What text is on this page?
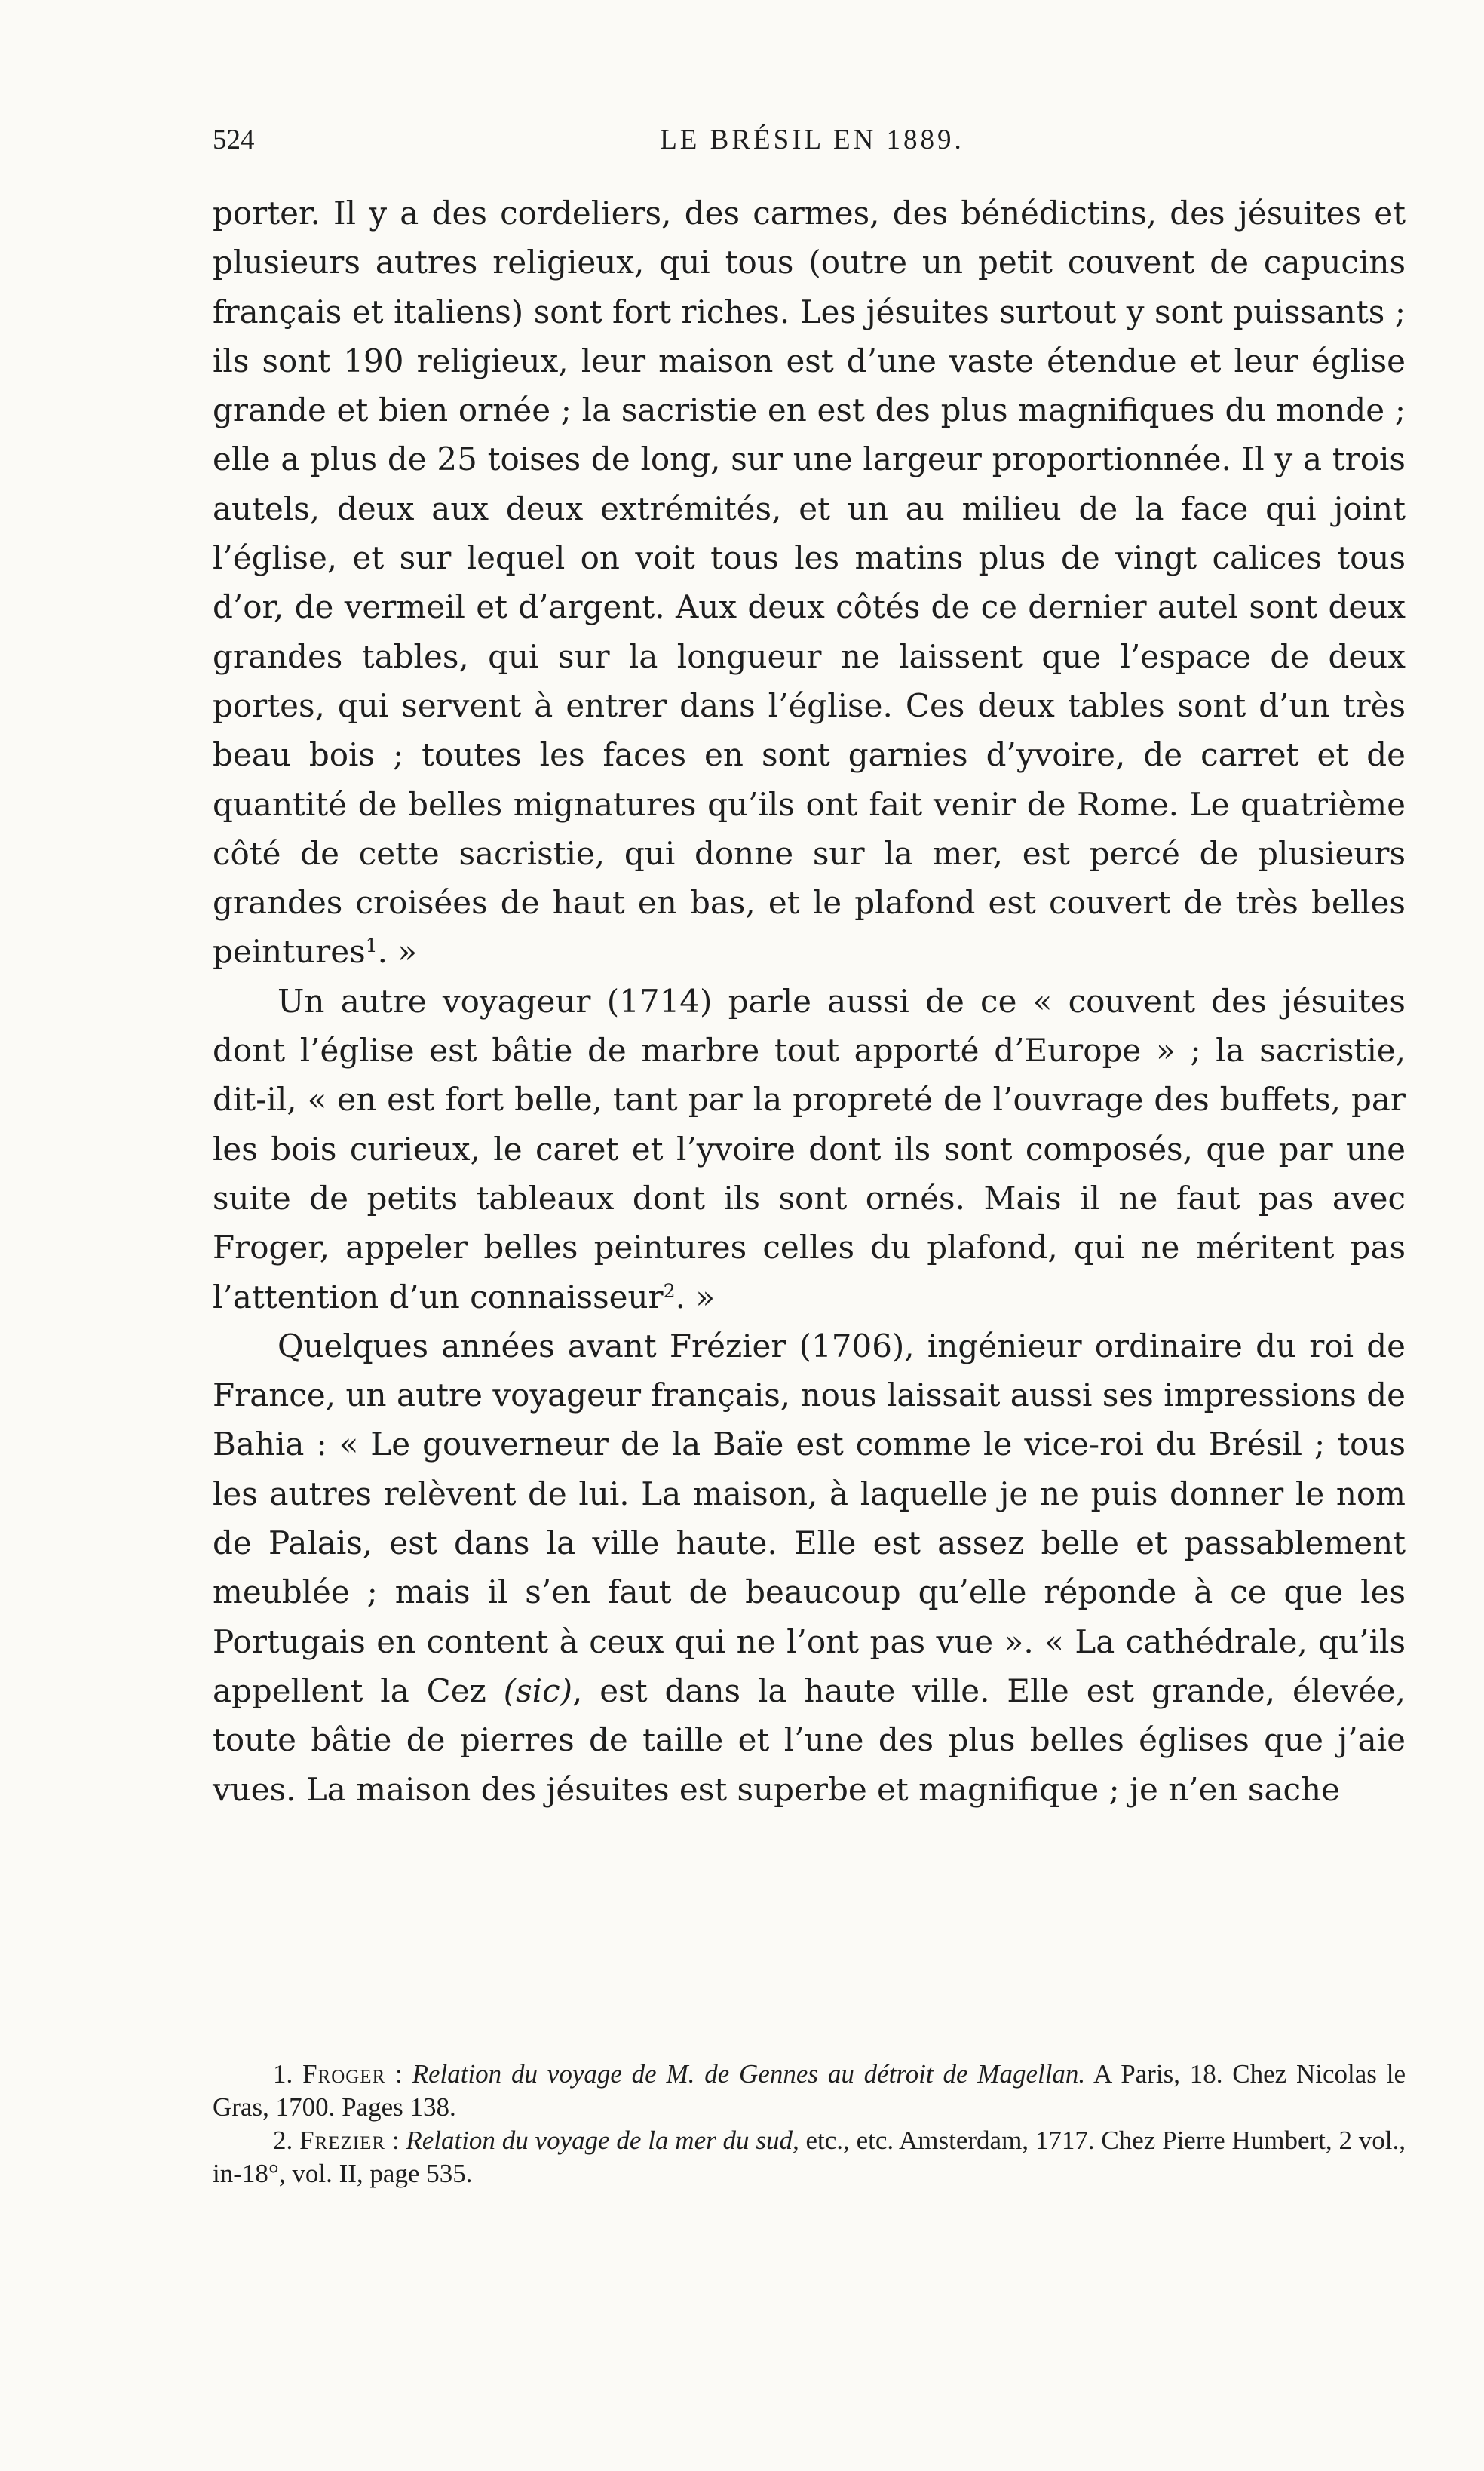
524	LE BRÉSIL EN 1889.

porter. Il y a des cordeliers, des carmes, des bénédictins, des jésuites et plusieurs autres religieux, qui tous (outre un petit couvent de capucins français et italiens) sont fort riches. Les jésuites surtout y sont puissants ; ils sont 190 religieux, leur maison est d’une vaste étendue et leur église grande et bien ornée ; la sacristie en est des plus magnifiques du monde ; elle a plus de 25 toises de long, sur une largeur proportionnée. Il y a trois autels, deux aux deux extrémités, et un au milieu de la face qui joint l’église, et sur lequel on voit tous les matins plus de vingt calices tous d’or, de vermeil et d’argent. Aux deux côtés de ce dernier autel sont deux grandes tables, qui sur la longueur ne laissent que l’espace de deux portes, qui servent à entrer dans l’église. Ces deux tables sont d’un très beau bois ; toutes les faces en sont garnies d’yvoire, de carret et de quantité de belles mignatures qu’ils ont fait venir de Rome. Le quatrième côté de cette sacristie, qui donne sur la mer, est percé de plusieurs grandes croisées de haut en bas, et le plafond est couvert de très belles peintures$^1$. »

Un autre voyageur (1714) parle aussi de ce « couvent des jésuites dont l’église est bâtie de marbre tout apporté d’Europe » ; la sacristie, dit-il, « en est fort belle, tant par la propreté de l’ouvrage des buffets, par les bois curieux, le caret et l’yvoire dont ils sont composés, que par une suite de petits tableaux dont ils sont ornés. Mais il ne faut pas avec Froger, appeler belles peintures celles du plafond, qui ne méritent pas l’attention d’un connaisseur$^2$. »

Quelques années avant Frézier (1706), ingénieur ordinaire du roi de France, un autre voyageur français, nous laissait aussi ses impressions de Bahia : « Le gouverneur de la Baïe est comme le vice-roi du Brésil ; tous les autres relèvent de lui. La maison, à laquelle je ne puis donner le nom de Palais, est dans la ville haute. Elle est assez belle et passablement meublée ; mais il s’en faut de beaucoup qu’elle réponde à ce que les Portugais en content à ceux qui ne l’ont pas vue ». « La cathédrale, qu’ils appellent la Cez (sic), est dans la haute ville. Elle est grande, élevée, toute bâtie de pierres de taille et l’une des plus belles églises que j’aie vues. La maison des jésuites est superbe et magnifique ; je n’en sache

1. Froger : Relation du voyage de M. de Gennes au détroit de Magellan. A Paris, 18. Chez Nicolas le Gras, 1700. Pages 138.

2. Frezier : Relation du voyage de la mer du sud, etc., etc. Amsterdam, 1717. Chez Pierre Humbert, 2 vol., in-18°, vol. II, page 535.
